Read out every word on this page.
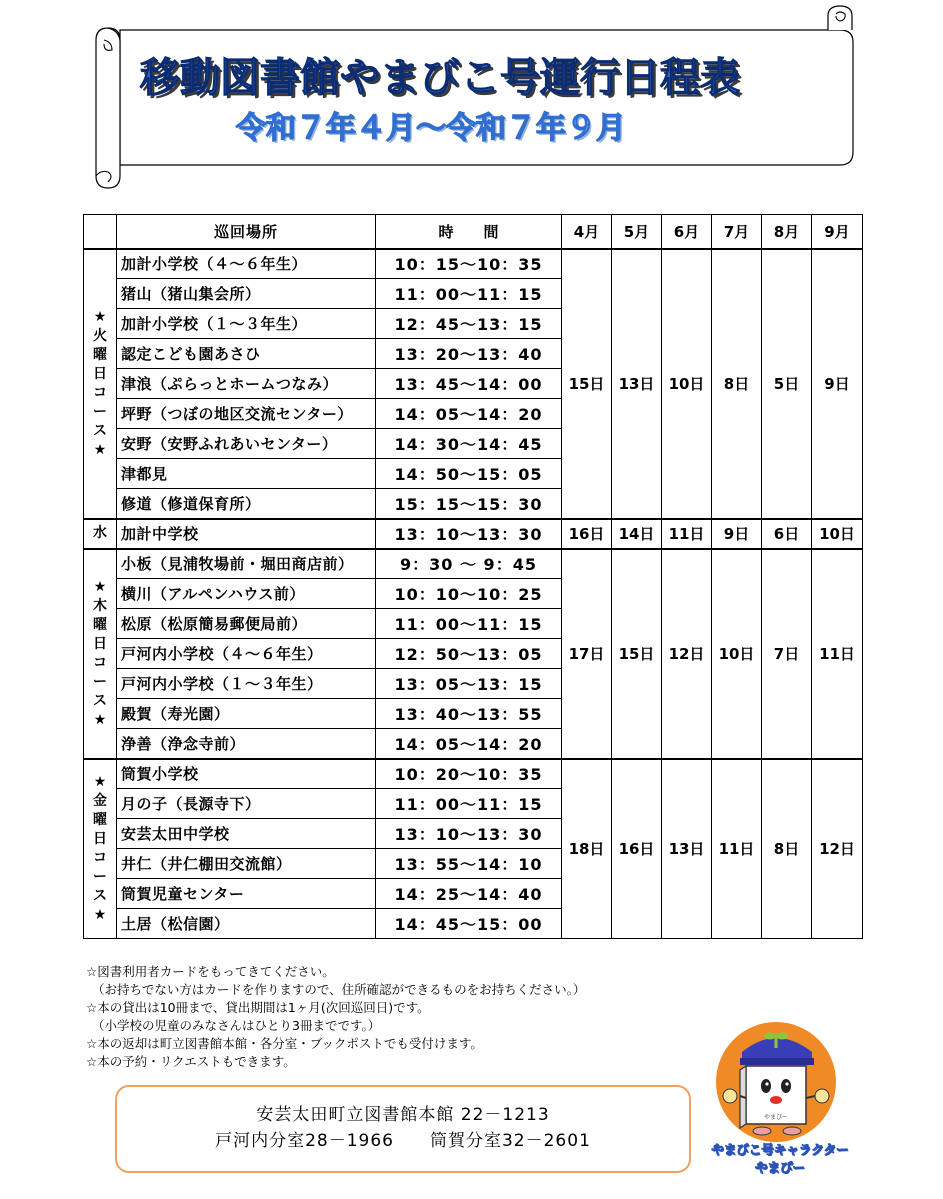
移動図書館やまびこ号運行日程表
令和７年４月～令和７年９月
	巡回場所	時　　間	4月	5月	6月	7月	8月	9月
★火曜日コース★	加計小学校（４～６年生）	10：15～10：35	15日	13日	10日	8日	5日	9日
	猪山（猪山集会所）	11：00～11：15						
	加計小学校（１～３年生）	12：45～13：15						
	認定こども園あさひ	13：20～13：40						
	津浪（ぷらっとホームつなみ）	13：45～14：00						
	坪野（つぼの地区交流センター）	14：05～14：20						
	安野（安野ふれあいセンター）	14：30～14：45						
	津都見	14：50～15：05						
	修道（修道保育所）	15：15～15：30						
水	加計中学校	13：10～13：30	16日	14日	11日	9日	6日	10日
★木曜日コース★	小板（見浦牧場前・堀田商店前）	9：30 ～ 9：45	17日	15日	12日	10日	7日	11日
	横川（アルペンハウス前）	10：10～10：25						
	松原（松原簡易郵便局前）	11：00～11：15						
	戸河内小学校（４～６年生）	12：50～13：05						
	戸河内小学校（１～３年生）	13：05～13：15						
	殿賀（寿光園）	13：40～13：55						
	浄善（浄念寺前）	14：05～14：20						
★金曜日コース★	筒賀小学校	10：20～10：35	18日	16日	13日	11日	8日	12日
	月の子（長源寺下）	11：00～11：15						
	安芸太田中学校	13：10～13：30						
	井仁（井仁棚田交流館）	13：55～14：10						
	筒賀児童センター	14：25～14：40						
	土居（松信園）	14：45～15：00						
☆図書利用者カードをもってきてください。
（お持ちでない方はカードを作りますので、住所確認ができるものをお持ちください。）
☆本の貸出は10冊まで、貸出期間は1ヶ月(次回巡回日)です。
（小学校の児童のみなさんはひとり3冊までです。）
☆本の返却は町立図書館本館・各分室・ブックポストでも受付けます。
☆本の予約・リクエストもできます。
安芸太田町立図書館本館 22－1213
戸河内分室28－1966　　筒賀分室32－2601
やまぴー
やまびこ号キャラクター
やまぴー
